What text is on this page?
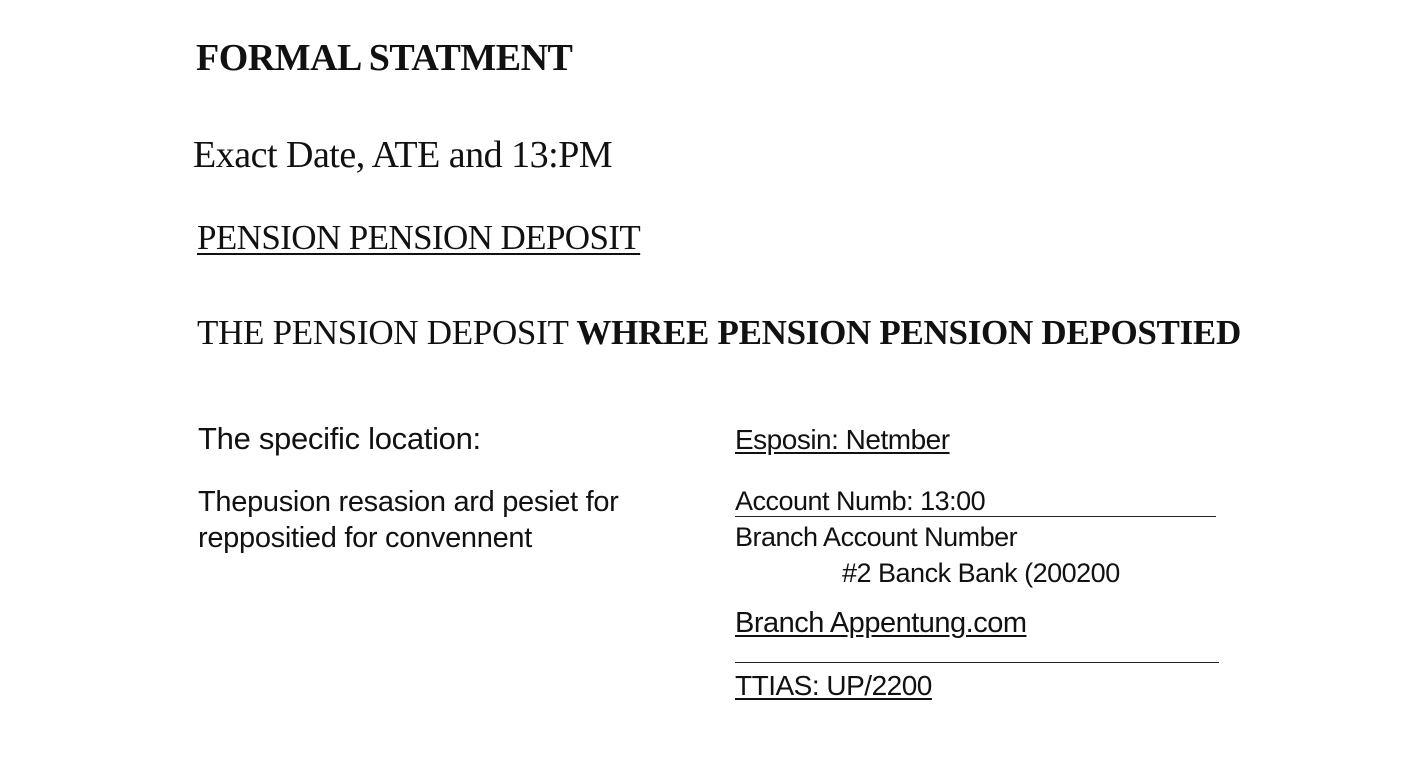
FORMAL STATMENT
Exact Date, ATE and 13:PM
PENSION PENSION DEPOSIT
THE PENSION DEPOSIT WHREE PENSION PENSION DEPOSTIED
The specific location:
Thepusion resasion ard pesiet for
reppositied for convennent
Esposin: Netmber
Account Numb: 13:00
Branch Account Number
#2 Banck Bank (200200
Branch Appentung.com
TTIAS: UP/2200
